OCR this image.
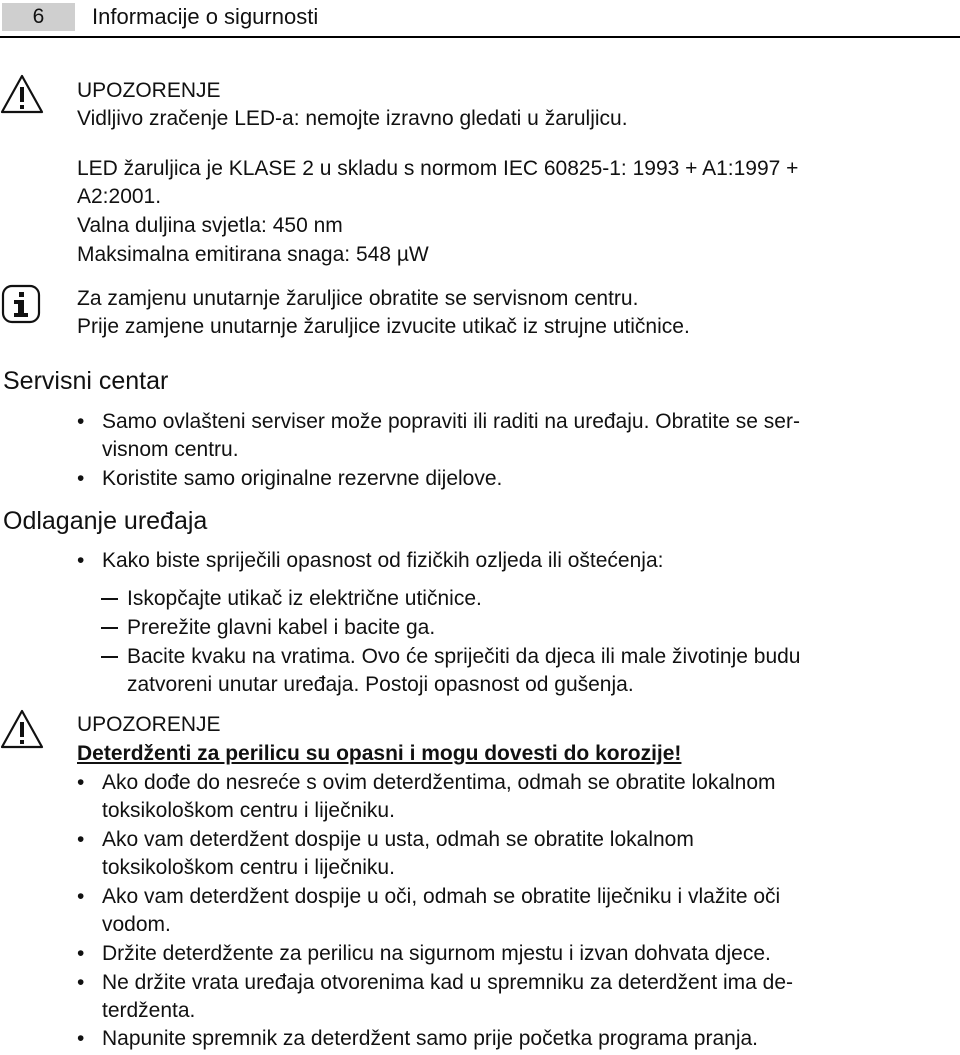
6	Informacije o sigurnosti
UPOZORENJE
Vidljivo zračenje LED-a: nemojte izravno gledati u žaruljicu.
LED žaruljica je KLASE 2 u skladu s normom IEC 60825-1: 1993 + A1:1997 +
A2:2001.
Valna duljina svjetla: 450 nm
Maksimalna emitirana snaga: 548 µW
Za zamjenu unutarnje žaruljice obratite se servisnom centru.
Prije zamjene unutarnje žaruljice izvucite utikač iz strujne utičnice.
Servisni centar
• Samo ovlašteni serviser može popraviti ili raditi na uređaju. Obratite se ser-
visnom centru.
• Koristite samo originalne rezervne dijelove.
Odlaganje uređaja
• Kako biste spriječili opasnost od fizičkih ozljeda ili oštećenja:
Iskopčajte utikač iz električne utičnice.
Prerežite glavni kabel i bacite ga.
Bacite kvaku na vratima. Ovo će spriječiti da djeca ili male životinje budu
zatvoreni unutar uređaja. Postoji opasnost od gušenja.
UPOZORENJE
Deterdženti za perilicu su opasni i mogu dovesti do korozije!
• Ako dođe do nesreće s ovim deterdžentima, odmah se obratite lokalnom
toksikološkom centru i liječniku.
• Ako vam deterdžent dospije u usta, odmah se obratite lokalnom
toksikološkom centru i liječniku.
• Ako vam deterdžent dospije u oči, odmah se obratite liječniku i vlažite oči
vodom.
• Držite deterdžente za perilicu na sigurnom mjestu i izvan dohvata djece.
• Ne držite vrata uređaja otvorenima kad u spremniku za deterdžent ima de-
terdženta.
• Napunite spremnik za deterdžent samo prije početka programa pranja.
